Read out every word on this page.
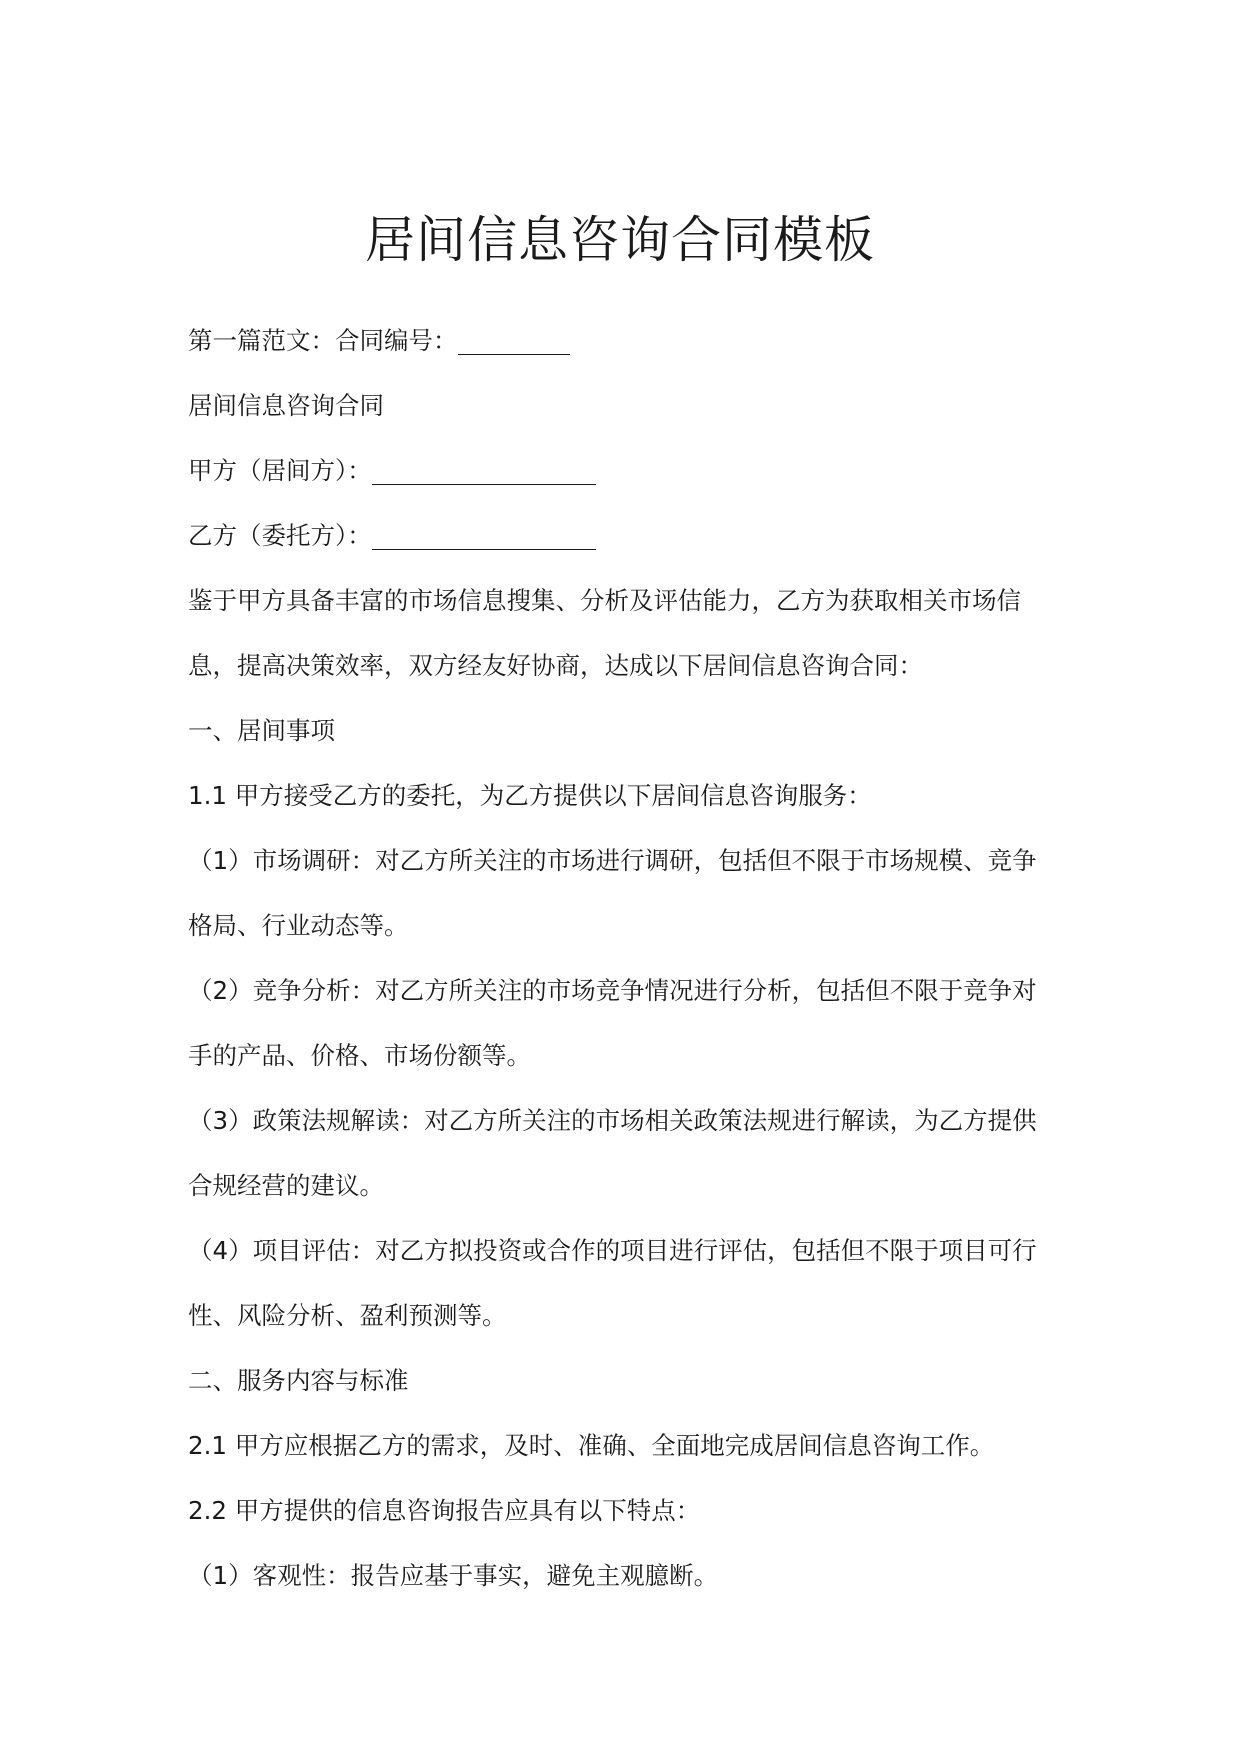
居间信息咨询合同模板

第一篇范文：合同编号：

居间信息咨询合同

甲方（居间方）：

乙方（委托方）：

鉴于甲方具备丰富的市场信息搜集、分析及评估能力，乙方为获取相关市场信

息，提高决策效率，双方经友好协商，达成以下居间信息咨询合同：

一、居间事项

1.1 甲方接受乙方的委托，为乙方提供以下居间信息咨询服务：

（1）市场调研：对乙方所关注的市场进行调研，包括但不限于市场规模、竞争

格局、行业动态等。

（2）竞争分析：对乙方所关注的市场竞争情况进行分析，包括但不限于竞争对

手的产品、价格、市场份额等。

（3）政策法规解读：对乙方所关注的市场相关政策法规进行解读，为乙方提供

合规经营的建议。

（4）项目评估：对乙方拟投资或合作的项目进行评估，包括但不限于项目可行

性、风险分析、盈利预测等。

二、服务内容与标准

2.1 甲方应根据乙方的需求，及时、准确、全面地完成居间信息咨询工作。

2.2 甲方提供的信息咨询报告应具有以下特点：

（1）客观性：报告应基于事实，避免主观臆断。
